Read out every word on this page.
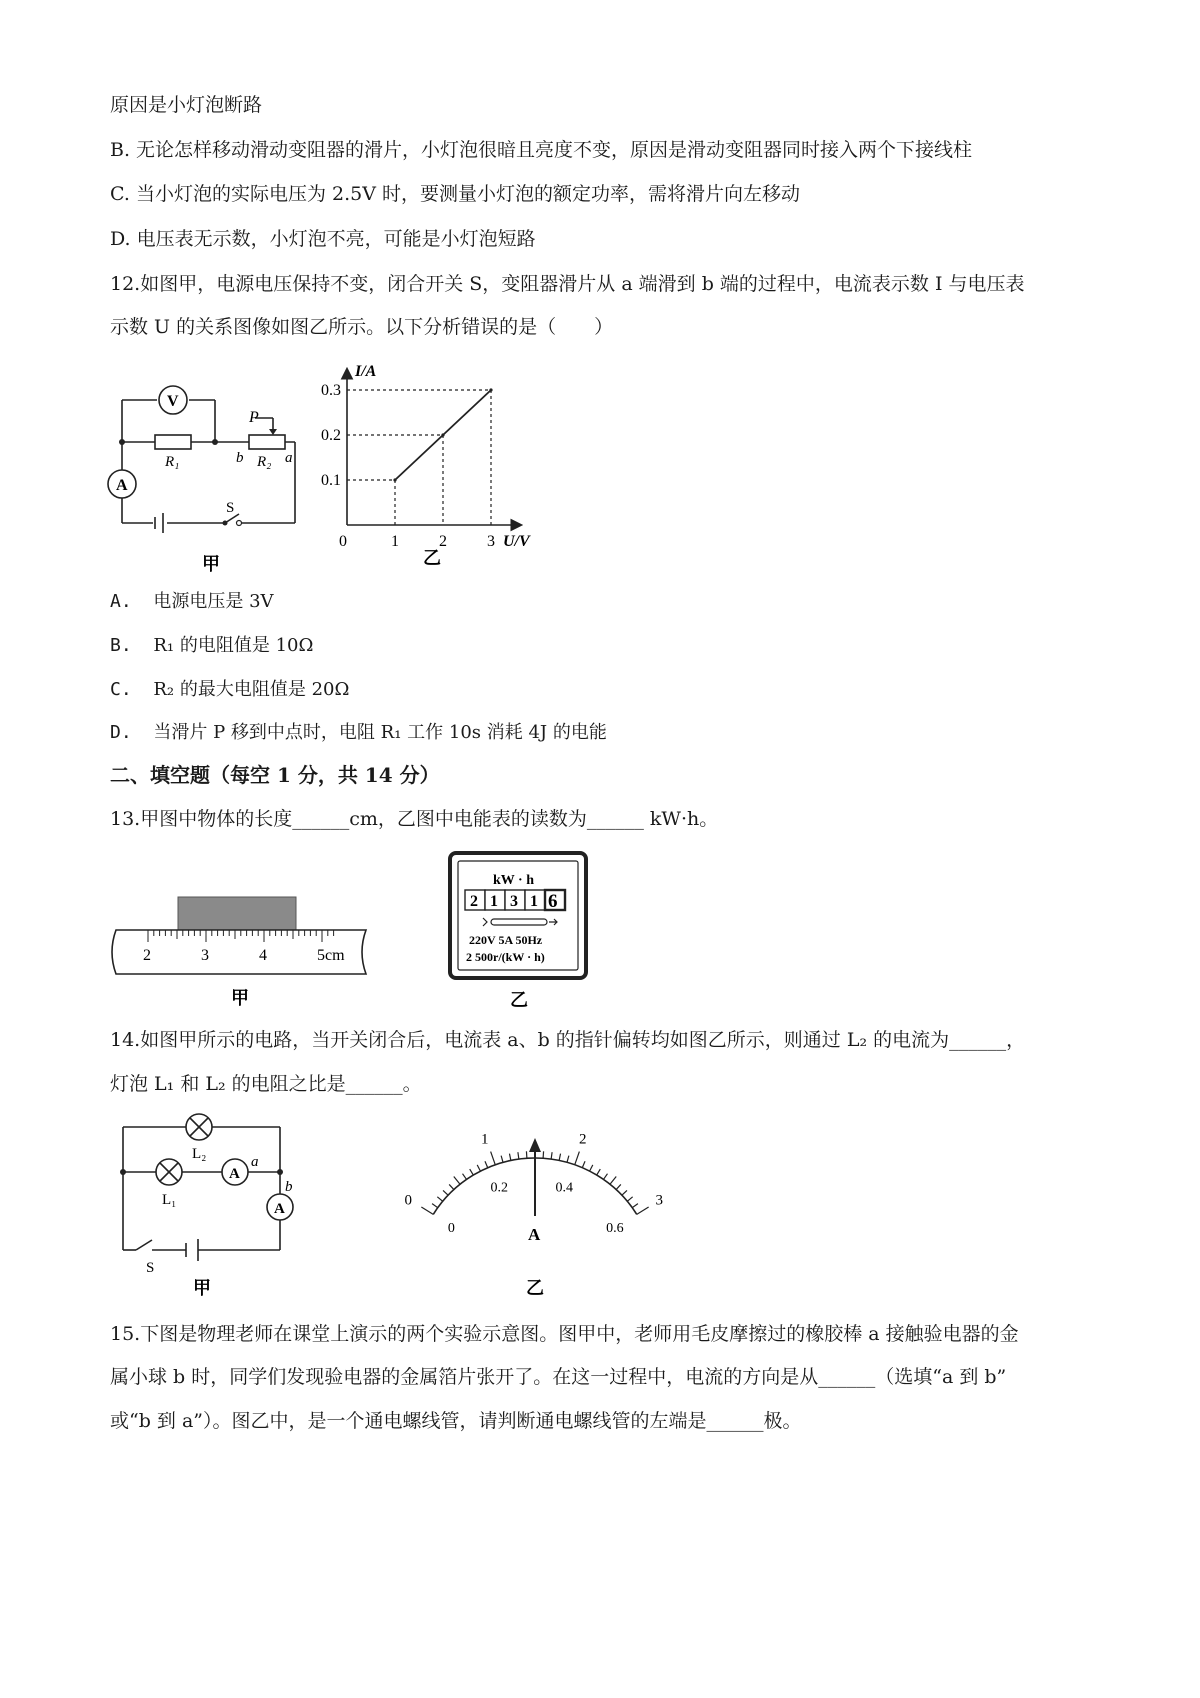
原因是小灯泡断路
B. 无论怎样移动滑动变阻器的滑片，小灯泡很暗且亮度不变，原因是滑动变阻器同时接入两个下接线柱
C. 当小灯泡的实际电压为 2.5V 时，要测量小灯泡的额定功率，需将滑片向左移动
D. 电压表无示数，小灯泡不亮，可能是小灯泡短路
12.如图甲，电源电压保持不变，闭合开关 S，变阻器滑片从 a 端滑到 b 端的过程中，电流表示数 I 与电压表
示数 U 的关系图像如图乙所示。以下分析错误的是（　　）
V
A
R₁	R₂
P
b	a
S
甲
1
0.1
2
0.2
3
0.3
I/A
U/V
0
乙
A. 电源电压是 3V
B. R₁ 的电阻值是 10Ω
C. R₂ 的最大电阻值是 20Ω
D. 当滑片 P 移到中点时，电阻 R₁ 工作 10s 消耗 4J 的电能
二、填空题（每空 1 分，共 14 分）
13.甲图中物体的长度______cm，乙图中电能表的读数为______ kW·h。
2	3	4	5cm
甲
kW · h
2 1 3 1 6
220V 5A 50Hz
2 500r/(kW · h)
乙
14.如图甲所示的电路，当开关闭合后，电流表 a、b 的指针偏转均如图乙所示，则通过 L₂ 的电流为______，
灯泡 L₁ 和 L₂ 的电阻之比是______。
A
A
L₂
L₁
a
b
S
甲
0
1	2
3
0
0.2	0.4
0.6
A
乙
15.下图是物理老师在课堂上演示的两个实验示意图。图甲中，老师用毛皮摩擦过的橡胶棒 a 接触验电器的金
属小球 b 时，同学们发现验电器的金属箔片张开了。在这一过程中，电流的方向是从______（选填“a 到 b”
或“b 到 a”）。图乙中，是一个通电螺线管，请判断通电螺线管的左端是______极。
